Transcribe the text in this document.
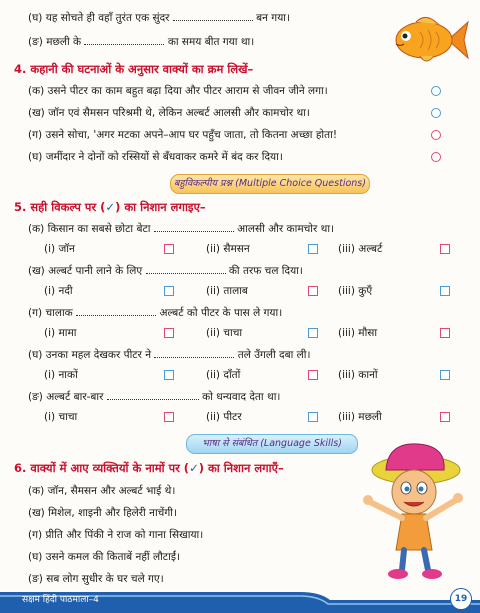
(घ) यह सोचते ही वहाँ तुरंत एक सुंदर	बन गया।
(ङ) मछली के	का समय बीत गया था।
4. कहानी की घटनाओं के अनुसार वाक्यों का क्रम लिखें–
(क) उसने पीटर का काम बहुत बढ़ा दिया और पीटर आराम से जीवन जीने लगा।
(ख) जॉन एवं सैमसन परिश्रमी थे, लेकिन अल्बर्ट आलसी और कामचोर था।
(ग) उसने सोचा, 'अगर मटका अपने–आप घर पहुँच जाता, तो कितना अच्छा होता!
(घ) जमींदार ने दोनों को रस्सियों से बँधवाकर कमरे में बंद कर दिया।
बहुविकल्पीय प्रश्न (Multiple Choice Questions)
5. सही विकल्प पर (✓) का निशान लगाइए–
(क) किसान का सबसे छोटा बेटा	आलसी और कामचोर था।
(i) जॉन	(ii) सैमसन	(iii) अल्बर्ट
(ख) अल्बर्ट पानी लाने के लिए	की तरफ चल दिया।
(i) नदी	(ii) तालाब	(iii) कुएँ
(ग) चालाक	अल्बर्ट को पीटर के पास ले गया।
(i) मामा	(ii) चाचा	(iii) मौसा
(घ) उनका महल देखकर पीटर ने	तले उँगली दबा ली।
(i) नाकों	(ii) दाँतों	(iii) कानों
(ङ) अल्बर्ट बार-बार	को धन्यवाद देता था।
(i) चाचा	(ii) पीटर	(iii) मछली
भाषा से संबंधित (Language Skills)
6. वाक्यों में आए व्यक्तियों के नामों पर (✓) का निशान लगाएँ–
(क) जॉन, सैमसन और अल्बर्ट भाई थे।
(ख) मिशेल, शाइनी और हिलेरी नाचेंगी।
(ग) प्रीति और पिंकी ने राज को गाना सिखाया।
(घ) उसने कमल की किताबें नहीं लौटाईं।
(ङ) सब लोग सुधीर के घर चले गए।
सक्षम हिंदी पाठमाला–4	19
